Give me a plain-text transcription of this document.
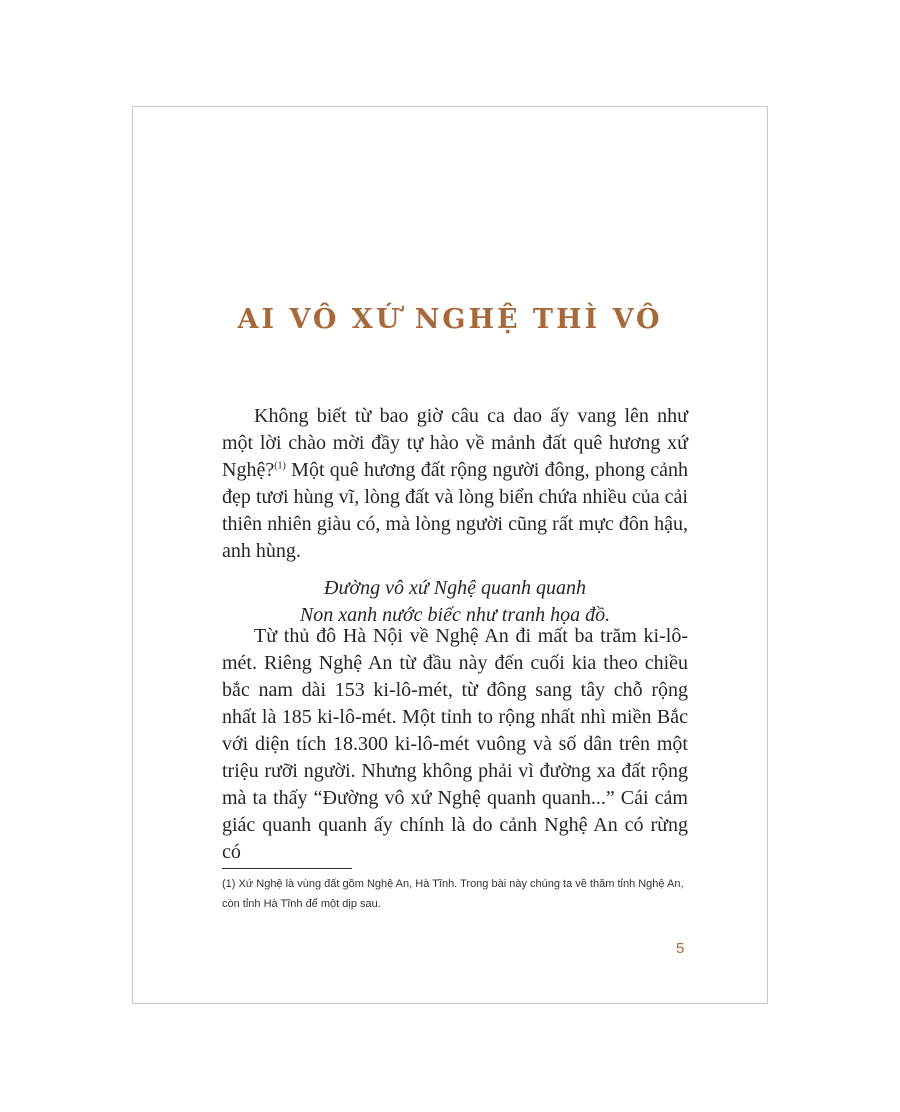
AI VÔ XỨ NGHỆ THÌ VÔ

Không biết từ bao giờ câu ca dao ấy vang lên như một lời chào mời đầy tự hào về mảnh đất quê hương xứ Nghệ?$^{(1)}$ Một quê hương đất rộng người đông, phong cảnh đẹp tươi hùng vĩ, lòng đất và lòng biển chứa nhiều của cải thiên nhiên giàu có, mà lòng người cũng rất mực đôn hậu, anh hùng.

Đường vô xứ Nghệ quanh quanh
Non xanh nước biếc như tranh họa đồ.

Từ thủ đô Hà Nội về Nghệ An đi mất ba trăm ki-lô-mét. Riêng Nghệ An từ đầu này đến cuối kia theo chiều bắc nam dài 153 ki-lô-mét, từ đông sang tây chỗ rộng nhất là 185 ki-lô-mét. Một tỉnh to rộng nhất nhì miền Bắc với diện tích 18.300 ki-lô-mét vuông và số dân trên một triệu rưỡi người. Nhưng không phải vì đường xa đất rộng mà ta thấy “Đường vô xứ Nghệ quanh quanh...” Cái cảm giác quanh quanh ấy chính là do cảnh Nghệ An có rừng có

(1) Xứ Nghệ là vùng đất gồm Nghệ An, Hà Tĩnh. Trong bài này chúng ta về thăm tỉnh Nghệ An, còn tỉnh Hà Tĩnh để một dịp sau.

5
